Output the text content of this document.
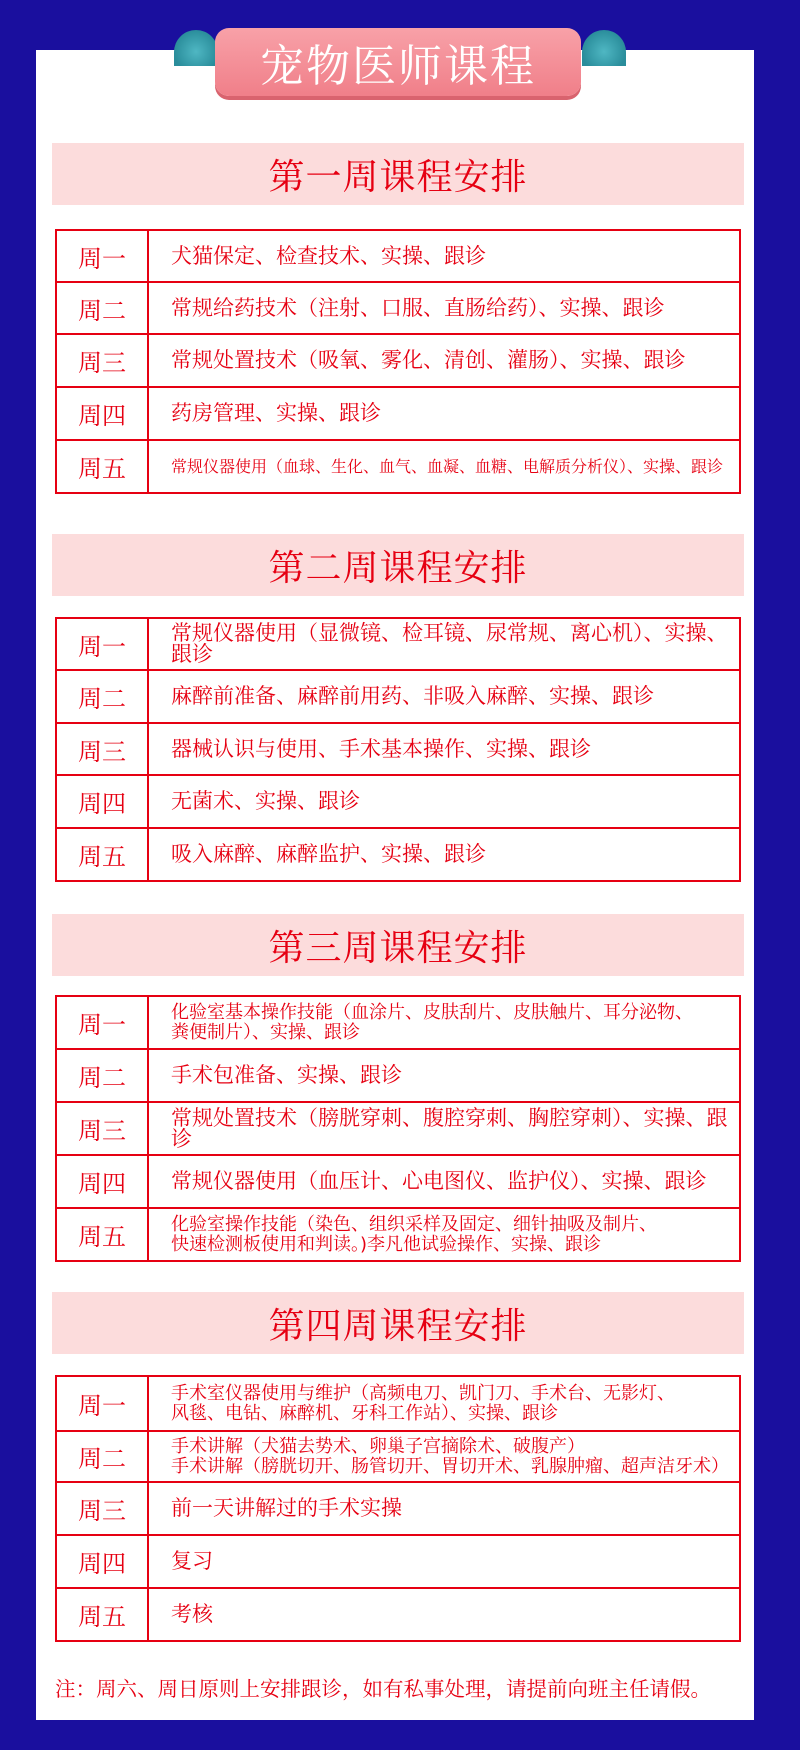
宠物医师课程
第一周课程安排
周一	犬猫保定、检查技术、实操、跟诊
周二	常规给药技术（注射、口服、直肠给药）、实操、跟诊
周三	常规处置技术（吸氧、雾化、清创、灌肠）、实操、跟诊
周四	药房管理、实操、跟诊
周五	常规仪器使用（血球、生化、血气、血凝、血糖、电解质分析仪）、实操、跟诊
第二周课程安排
周一	常规仪器使用（显微镜、检耳镜、尿常规、离心机）、实操、跟诊
周二	麻醉前准备、麻醉前用药、非吸入麻醉、实操、跟诊
周三	器械认识与使用、手术基本操作、实操、跟诊
周四	无菌术、实操、跟诊
周五	吸入麻醉、麻醉监护、实操、跟诊
第三周课程安排
周一	化验室基本操作技能（血涂片、皮肤刮片、皮肤触片、耳分泌物、
粪便制片）、实操、跟诊

周二	手术包准备、实操、跟诊
周三	常规处置技术（膀胱穿刺、腹腔穿刺、胸腔穿刺）、实操、跟诊
周四	常规仪器使用（血压计、心电图仪、监护仪）、实操、跟诊
周五	化验室操作技能（染色、组织采样及固定、细针抽吸及制片、
快速检测板使用和判读。)李凡他试验操作、实操、跟诊
第四周课程安排
周一	手术室仪器使用与维护（高频电刀、凯门刀、手术台、无影灯、
风毯、电钻、麻醉机、牙科工作站）、实操、跟诊

周二	手术讲解（犬猫去势术、卵巢子宫摘除术、破腹产）
手术讲解（膀胱切开、肠管切开、胃切开术、乳腺肿瘤、超声洁牙术）

周三	前一天讲解过的手术实操
周四	复习
周五	考核
注：周六、周日原则上安排跟诊，如有私事处理，请提前向班主任请假。
